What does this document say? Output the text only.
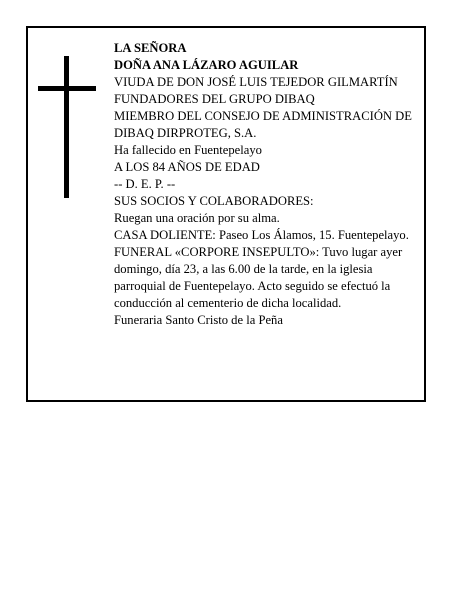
LA SEÑORA
DOÑA ANA LÁZARO AGUILAR
VIUDA DE DON JOSÉ LUIS TEJEDOR GILMARTÍN
FUNDADORES DEL GRUPO DIBAQ
MIEMBRO DEL CONSEJO DE ADMINISTRACIÓN DE DIBAQ DIRPROTEG, S.A.
Ha fallecido en Fuentepelayo
A LOS 84 AÑOS DE EDAD
-- D. E. P. --
SUS SOCIOS Y COLABORADORES:
Ruegan una oración por su alma.
CASA DOLIENTE: Paseo Los Álamos, 15. Fuentepelayo.
FUNERAL «CORPORE INSEPULTO»: Tuvo lugar ayer domingo, día 23, a las 6.00 de la tarde, en la iglesia parroquial de Fuentepelayo. Acto seguido se efectuó la conducción al cementerio de dicha localidad.
Funeraria Santo Cristo de la Peña
